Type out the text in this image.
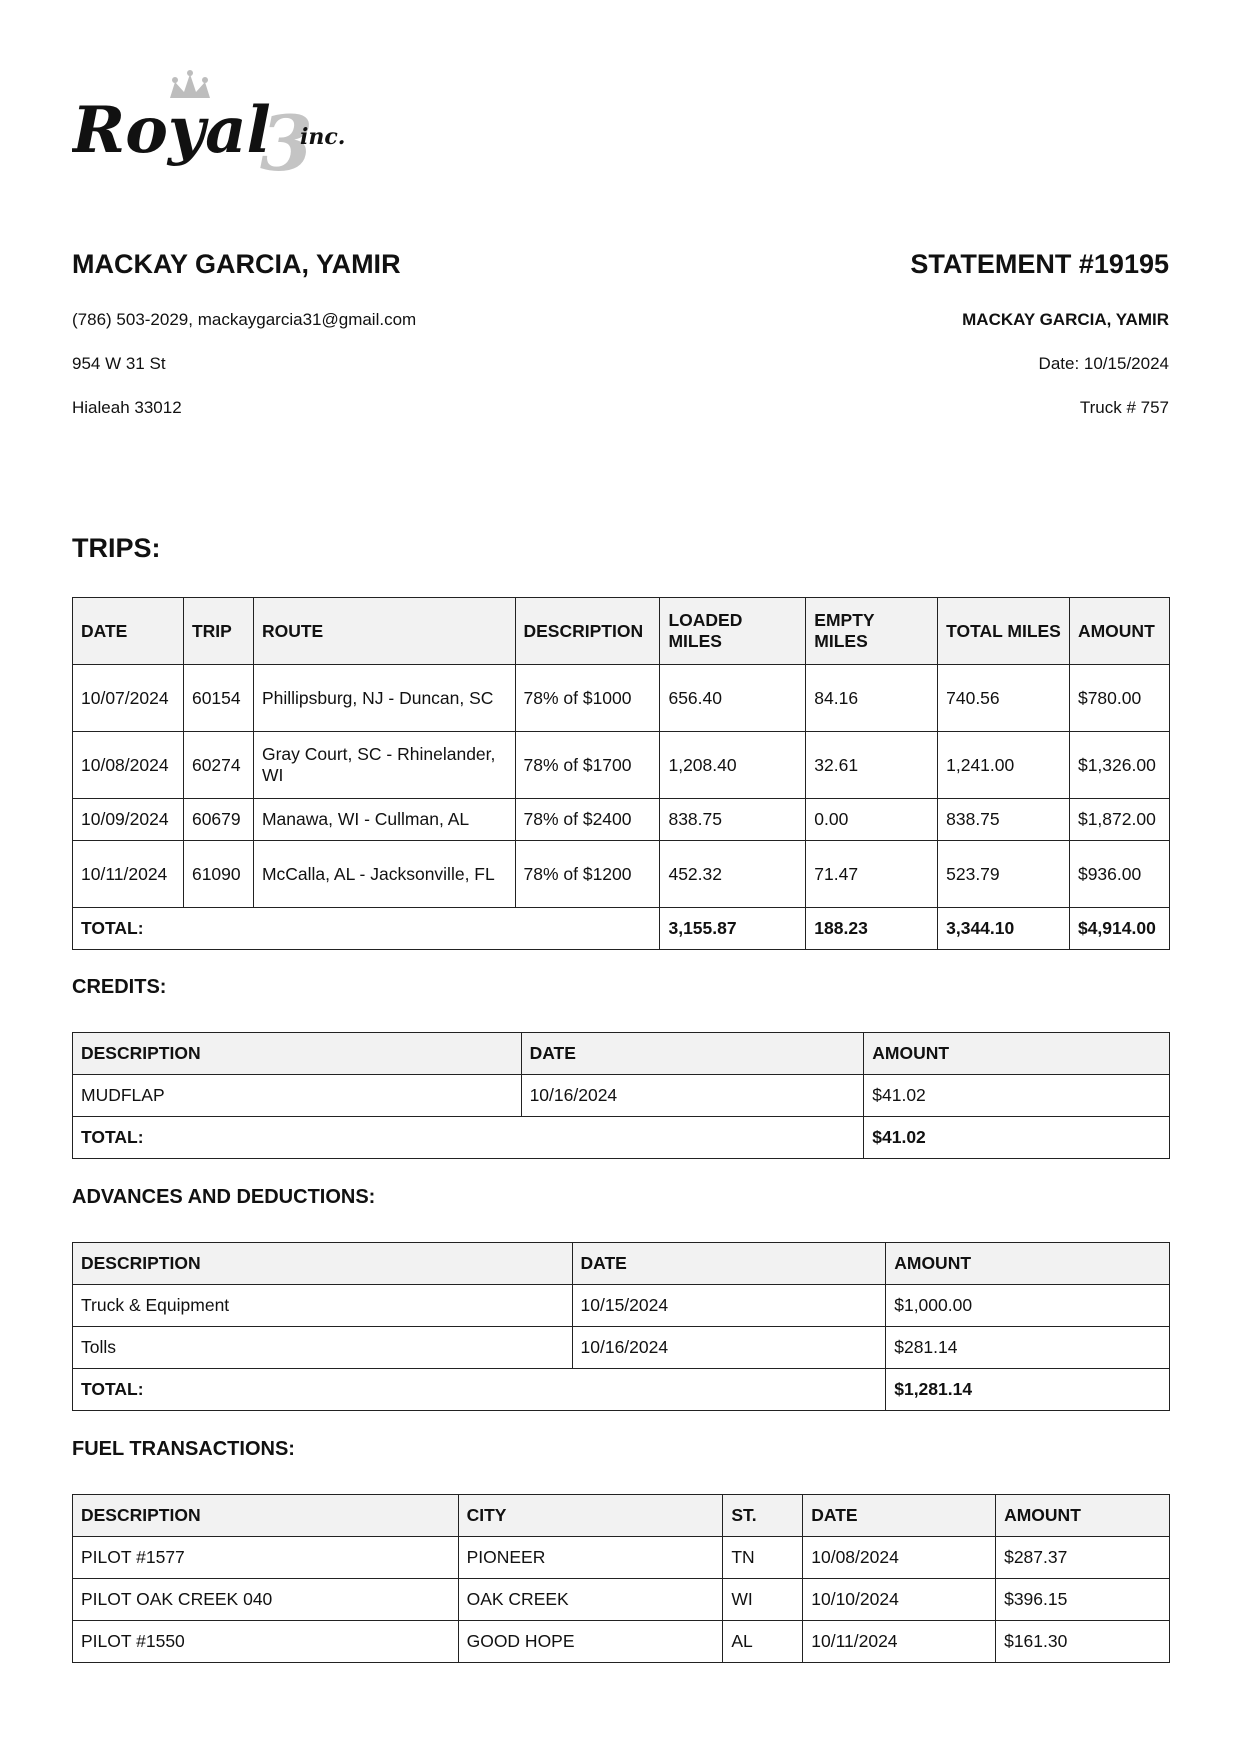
Royal
3
inc.
MACKAY GARCIA, YAMIR
(786) 503-2029, mackaygarcia31@gmail.com
954 W 31 St
Hialeah 33012
STATEMENT #19195
MACKAY GARCIA, YAMIR
Date: 10/15/2024
Truck # 757
TRIPS:
DATE	TRIP	ROUTE	DESCRIPTION	LOADED MILES	EMPTY MILES	TOTAL MILES	AMOUNT
10/07/2024	60154	Phillipsburg, NJ - Duncan, SC	78% of $1000	656.40	84.16	740.56	$780.00
10/08/2024	60274	Gray Court, SC - Rhinelander, WI	78% of $1700	1,208.40	32.61	1,241.00	$1,326.00
10/09/2024	60679	Manawa, WI - Cullman, AL	78% of $2400	838.75	0.00	838.75	$1,872.00
10/11/2024	61090	McCalla, AL - Jacksonville, FL	78% of $1200	452.32	71.47	523.79	$936.00
TOTAL:				3,155.87	188.23	3,344.10	$4,914.00
CREDITS:
DESCRIPTION	DATE	AMOUNT
MUDFLAP	10/16/2024	$41.02
TOTAL:		$41.02
ADVANCES AND DEDUCTIONS:
DESCRIPTION	DATE	AMOUNT
Truck & Equipment	10/15/2024	$1,000.00
Tolls	10/16/2024	$281.14
TOTAL:		$1,281.14
FUEL TRANSACTIONS:
DESCRIPTION	CITY	ST.	DATE	AMOUNT
PILOT #1577	PIONEER	TN	10/08/2024	$287.37
PILOT OAK CREEK 040	OAK CREEK	WI	10/10/2024	$396.15
PILOT #1550	GOOD HOPE	AL	10/11/2024	$161.30
